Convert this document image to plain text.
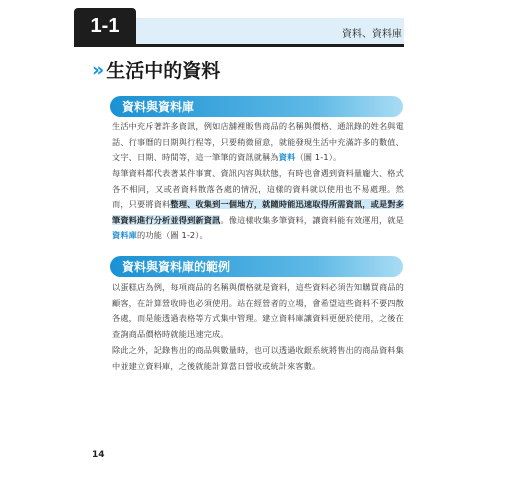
1-1	資料、資料庫
» 生活中的資料
資料與資料庫

生活中充斥著許多資訊，例如店舖裡販售商品的名稱與價格、通訊錄的姓名與電話、行事曆的日期與行程等，只要稍微留意，就能發現生活中充滿許多的數值、文字、日期、時間等，這一筆筆的資訊就稱為資料（圖 1-1）。

每筆資料都代表著某件事實、資訊內容與狀態，有時也會遇到資料量龐大、格式各不相同，又或者資料散落各處的情況，這樣的資料就以使用也不易處理。然而，只要將資料整理、收集到一個地方，就隨時能迅速取得所需資訊，或是對多筆資料進行分析並得到新資訊。像這樣收集多筆資料，讓資料能有效運用，就是資料庫的功能（圖 1-2）。

資料與資料庫的範例

以蛋糕店為例，每項商品的名稱與價格就是資料，這些資料必須告知購買商品的顧客，在計算營收時也必須使用。站在經營者的立場，會希望這些資料不要四散各處，而是能透過表格等方式集中管理。建立資料庫讓資料更便於使用，之後在查詢商品價格時就能迅速完成。

除此之外，記錄售出的商品與數量時，也可以透過收銀系統將售出的商品資料集中並建立資料庫，之後就能計算當日營收或統計來客數。

14
